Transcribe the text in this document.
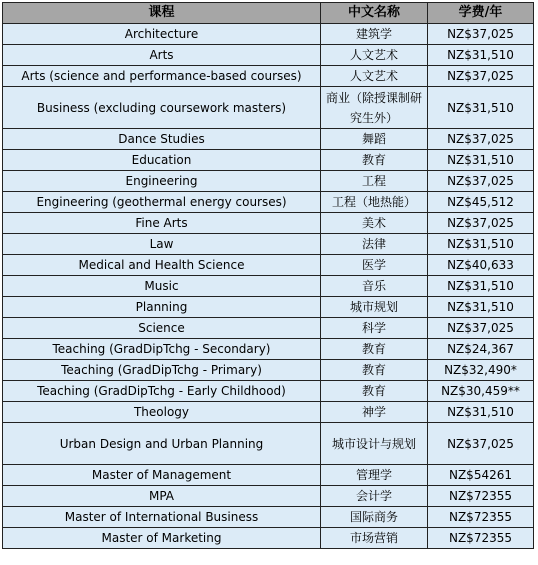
课程	中文名称	学费/年
Architecture	建筑学	NZ$37,025
Arts	人文艺术	NZ$31,510
Arts (science and performance-based courses)	人文艺术	NZ$37,025
Business (excluding coursework masters)	商业（除授课制研究生外）	NZ$31,510
Dance Studies	舞蹈	NZ$37,025
Education	教育	NZ$31,510
Engineering	工程	NZ$37,025
Engineering (geothermal energy courses)	工程（地热能）	NZ$45,512
Fine Arts	美术	NZ$37,025
Law	法律	NZ$31,510
Medical and Health Science	医学	NZ$40,633
Music	音乐	NZ$31,510
Planning	城市规划	NZ$31,510
Science	科学	NZ$37,025
Teaching (GradDipTchg - Secondary)	教育	NZ$24,367
Teaching (GradDipTchg - Primary)	教育	NZ$32,490*
Teaching (GradDipTchg - Early Childhood)	教育	NZ$30,459**
Theology	神学	NZ$31,510
Urban Design and Urban Planning	城市设计与规划	NZ$37,025
Master of Management	管理学	NZ$54261
MPA	会计学	NZ$72355
Master of International Business	国际商务	NZ$72355
Master of Marketing	市场营销	NZ$72355
